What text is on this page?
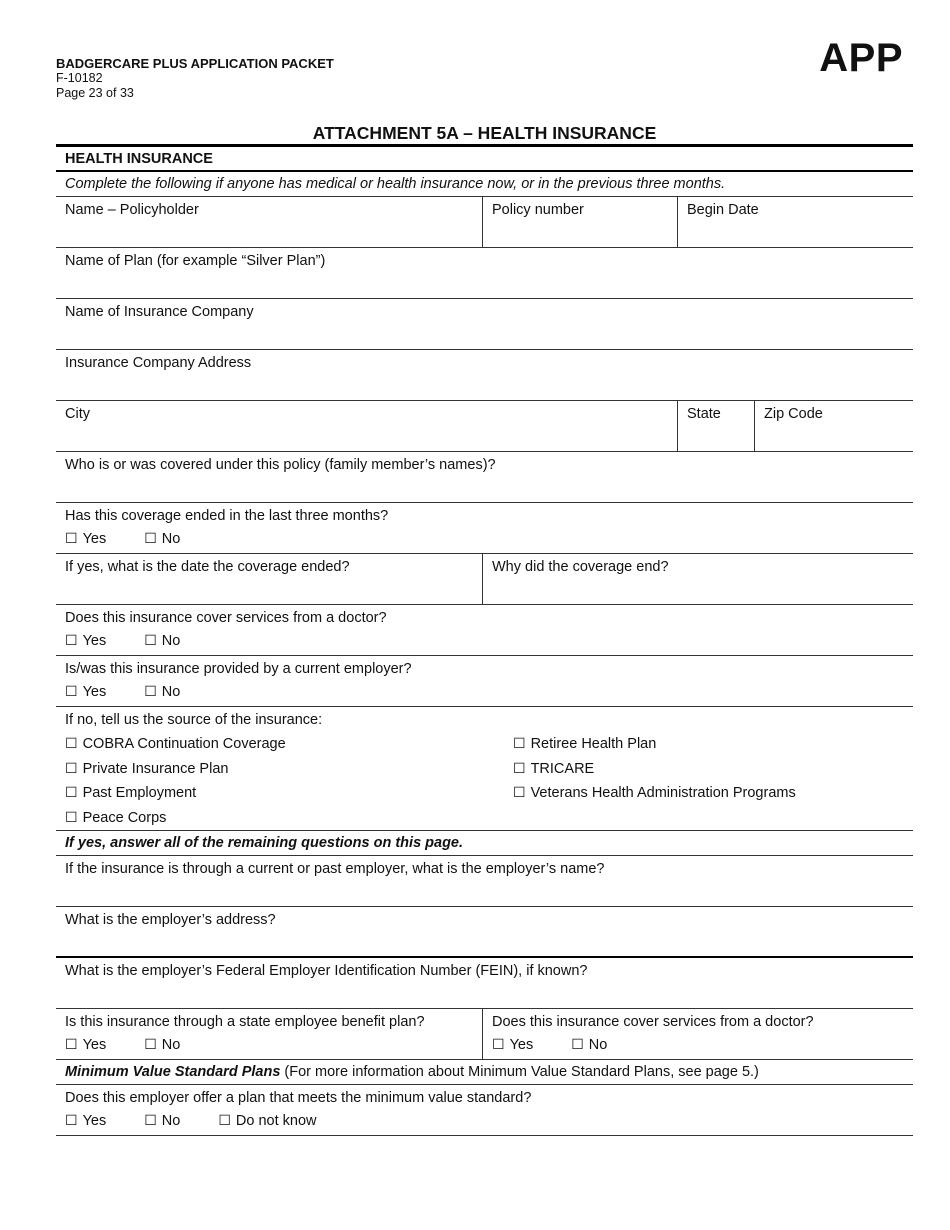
BADGERCARE PLUS APPLICATION PACKET
F-10182
Page 23 of 33
APP
ATTACHMENT 5A – HEALTH INSURANCE
HEALTH INSURANCE
Complete the following if anyone has medical or health insurance now, or in the previous three months.
Name – Policyholder	Policy number	Begin Date
Name of Plan (for example “Silver Plan”)
Name of Insurance Company
Insurance Company Address
City	State	Zip Code
Who is or was covered under this policy (family member’s names)?
Has this coverage ended in the last three months?
☐ Yes	☐ No
If yes, what is the date the coverage ended?	Why did the coverage end?
Does this insurance cover services from a doctor?
☐ Yes	☐ No
Is/was this insurance provided by a current employer?
☐ Yes	☐ No
If no, tell us the source of the insurance:
☐ COBRA Continuation Coverage

☐ Private Insurance Plan

☐ Past Employment

☐ Peace Corps
☐ Retiree Health Plan

☐ TRICARE

☐ Veterans Health Administration Programs
If yes, answer all of the remaining questions on this page.
If the insurance is through a current or past employer, what is the employer’s name?
What is the employer’s address?
What is the employer’s Federal Employer Identification Number (FEIN), if known?
Is this insurance through a state employee benefit plan?
☐ Yes	☐ No
Does this insurance cover services from a doctor?
☐ Yes	☐ No
Minimum Value Standard Plans (For more information about Minimum Value Standard Plans, see page 5.)
Does this employer offer a plan that meets the minimum value standard?
☐ Yes	☐ No	☐ Do not know
